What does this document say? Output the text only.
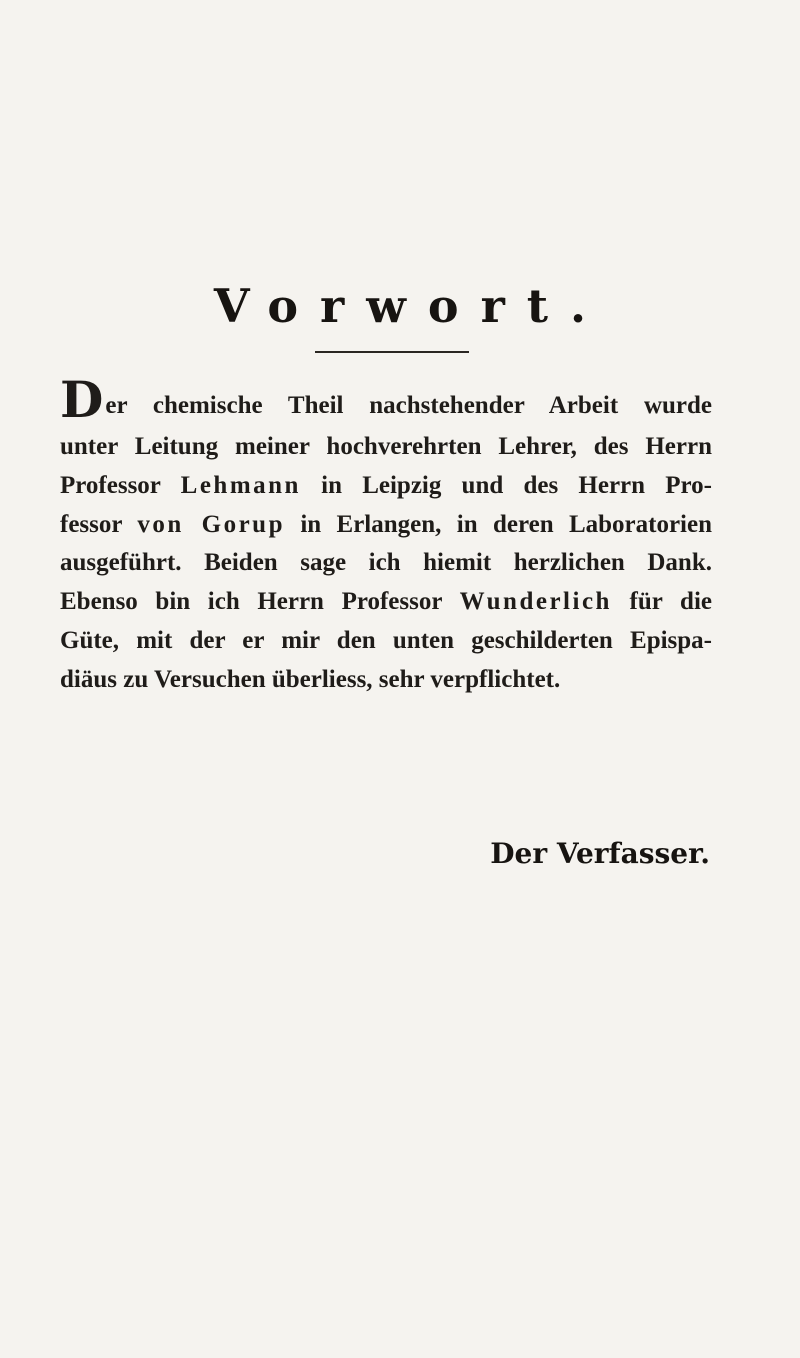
Vorwort.
Der chemische Theil nachstehender Arbeit wurde
unter Leitung meiner hochverehrten Lehrer, des Herrn
Professor Lehmann in Leipzig und des Herrn Pro-
fessor von Gorup in Erlangen, in deren Laboratorien
ausgeführt. Beiden sage ich hiemit herzlichen Dank.
Ebenso bin ich Herrn Professor Wunderlich für die
Güte, mit der er mir den unten geschilderten Epispa-
diäus zu Versuchen überliess, sehr verpflichtet.
Der Verfasser.
